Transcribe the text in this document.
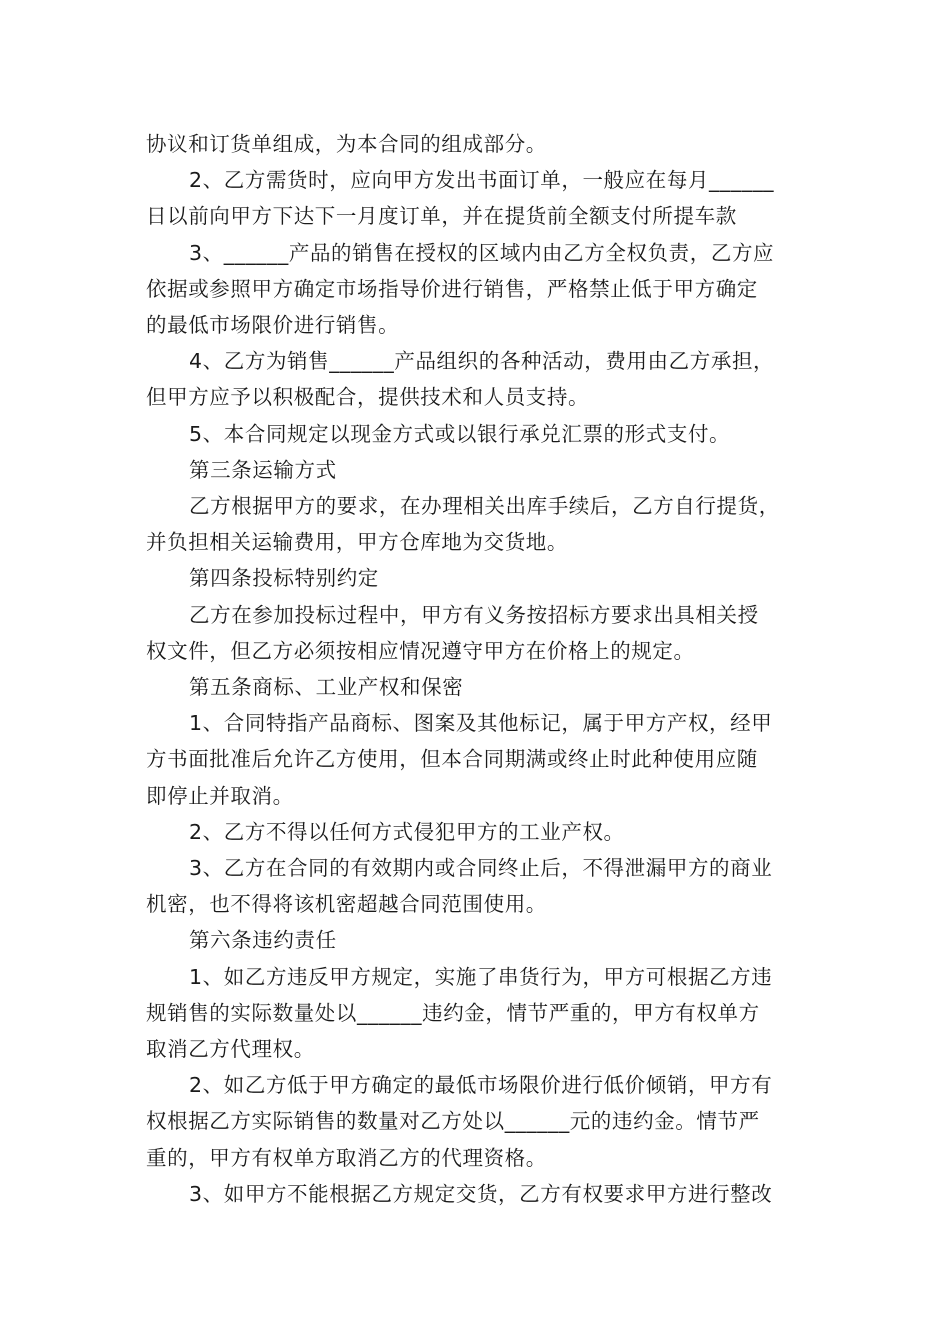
协议和订货单组成，为本合同的组成部分。
2、乙方需货时，应向甲方发出书面订单，一般应在每月______
日以前向甲方下达下一月度订单，并在提货前全额支付所提车款
3、______产品的销售在授权的区域内由乙方全权负责，乙方应
依据或参照甲方确定市场指导价进行销售，严格禁止低于甲方确定
的最低市场限价进行销售。
4、乙方为销售______产品组织的各种活动，费用由乙方承担，
但甲方应予以积极配合，提供技术和人员支持。
5、本合同规定以现金方式或以银行承兑汇票的形式支付。
第三条运输方式
乙方根据甲方的要求，在办理相关出库手续后，乙方自行提货，
并负担相关运输费用，甲方仓库地为交货地。
第四条投标特别约定
乙方在参加投标过程中，甲方有义务按招标方要求出具相关授
权文件，但乙方必须按相应情况遵守甲方在价格上的规定。
第五条商标、工业产权和保密
1、合同特指产品商标、图案及其他标记，属于甲方产权，经甲
方书面批准后允许乙方使用，但本合同期满或终止时此种使用应随
即停止并取消。
2、乙方不得以任何方式侵犯甲方的工业产权。
3、乙方在合同的有效期内或合同终止后，不得泄漏甲方的商业
机密，也不得将该机密超越合同范围使用。
第六条违约责任
1、如乙方违反甲方规定，实施了串货行为，甲方可根据乙方违
规销售的实际数量处以______违约金，情节严重的，甲方有权单方
取消乙方代理权。
2、如乙方低于甲方确定的最低市场限价进行低价倾销，甲方有
权根据乙方实际销售的数量对乙方处以______元的违约金。情节严
重的，甲方有权单方取消乙方的代理资格。
3、如甲方不能根据乙方规定交货，乙方有权要求甲方进行整改
